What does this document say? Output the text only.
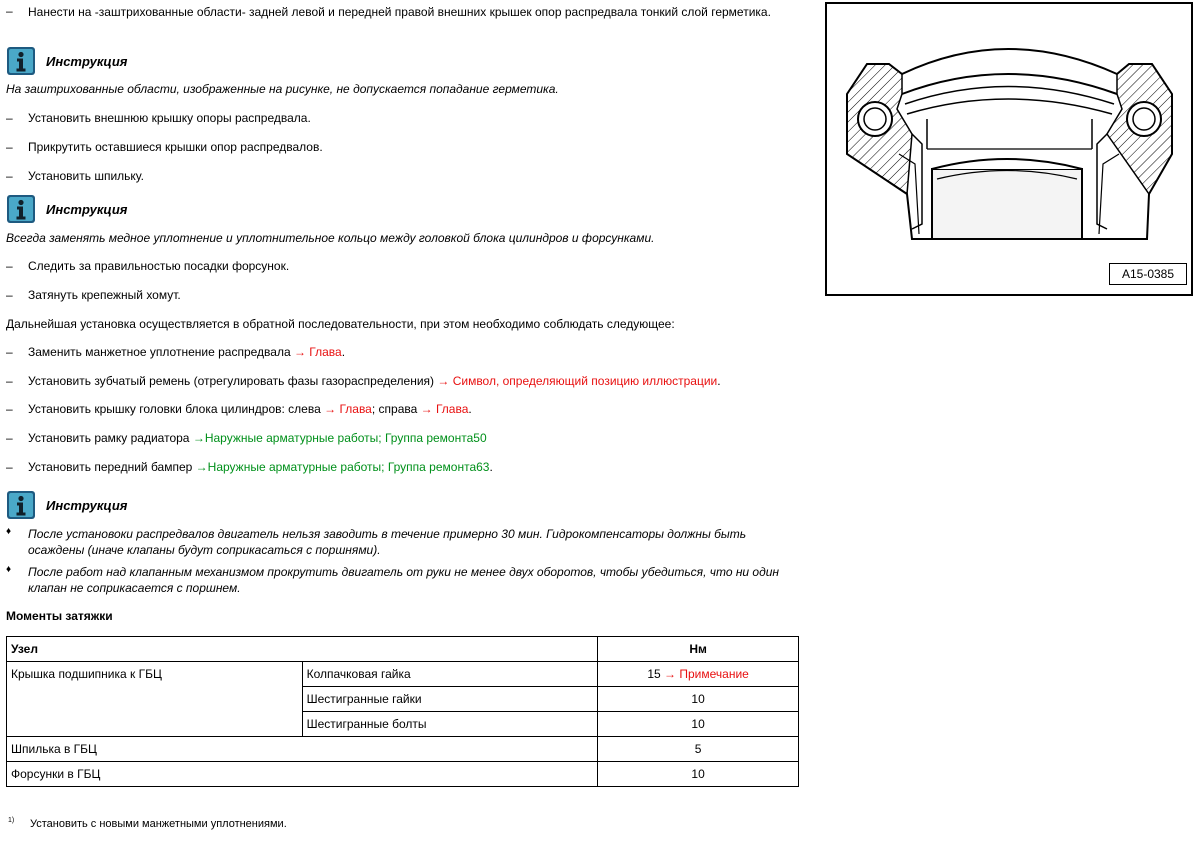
– Нанести на -заштрихованные области- задней левой и передней правой внешних крышек опор распредвала тонкий слой герметика.
Инструкция
На заштрихованные области, изображенные на рисунке, не допускается попадание герметика.
– Установить внешнюю крышку опоры распредвала.
– Прикрутить оставшиеся крышки опор распредвалов.
– Установить шпильку.
Инструкция
Всегда заменять медное уплотнение и уплотнительное кольцо между головкой блока цилиндров и форсунками.
– Следить за правильностью посадки форсунок.
– Затянуть крепежный хомут.
Дальнейшая установка осуществляется в обратной последовательности, при этом необходимо соблюдать следующее:
– Заменить манжетное уплотнение распредвала → Глава.
– Установить зубчатый ремень (отрегулировать фазы газораспределения) → Символ, определяющий позицию иллюстрации.
– Установить крышку головки блока цилиндров: слева → Глава; справа → Глава.
– Установить рамку радиатора →Наружные арматурные работы; Группа ремонта50
– Установить передний бампер →Наружные арматурные работы; Группа ремонта63.
Инструкция
♦ После установоки распредвалов двигатель нельзя заводить в течение примерно 30 мин. Гидрокомпенсаторы должны быть осаждены (иначе клапаны будут соприкасаться с поршнями).
♦ После работ над клапанным механизмом прокрутить двигатель от руки не менее двух оборотов, чтобы убедиться, что ни один клапан не соприкасается с поршнем.
Моменты затяжки
Узел		Нм
Крышка подшипника к ГБЦ	Колпачковая гайка	15 → Примечание
	Шестигранные гайки	10
	Шестигранные болты	10
Шпилька в ГБЦ		5
Форсунки в ГБЦ		10
1) Установить с новыми манжетными уплотнениями.
A15-0385
